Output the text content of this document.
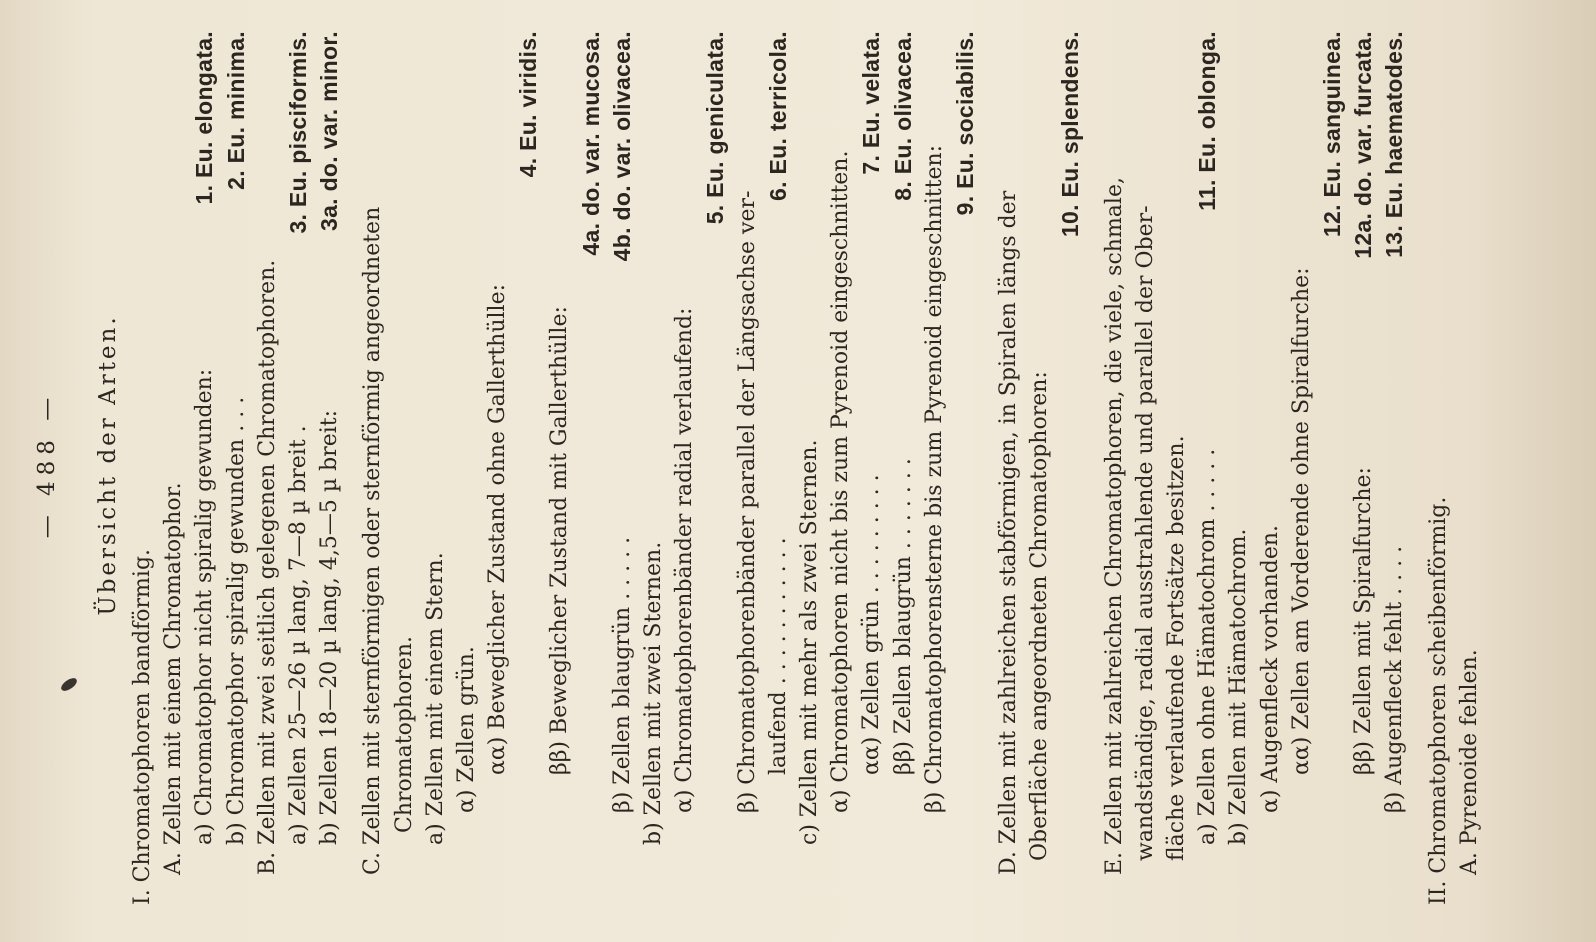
— 488 —	Übersicht der Arten.
I. Chromatophoren bandförmig. A. Zellen mit einem Chromatophor. a) Chromatophor nicht spiralig gewunden:
1. Eu. elongata.
b) Chromatophor spiralig gewunden . . .
2. Eu. minima.
B. Zellen mit zwei seitlich gelegenen Chromatophoren. a) Zellen 25—26 µ lang, 7—8 µ breit .
3. Eu. pisciformis.
b) Zellen 18—20 µ lang, 4,5—5 µ breit:
3a. do. var. minor.
C. Zellen mit sternförmigen oder sternförmig angeordneten Chromatophoren. a) Zellen mit einem Stern. α) Zellen grün. αα) Beweglicher Zustand ohne Gallerthülle:
4. Eu. viridis.
ββ) Beweglicher Zustand mit Gallerthülle:
4a. do. var. mucosa.
β) Zellen blaugrün . . . . .
4b. do. var. olivacea.
b) Zellen mit zwei Sternen. α) Chromatophorenbänder radial verlaufend:
5. Eu. geniculata.
β) Chromatophorenbänder parallel der Längsachse ver- laufend . . . . . . . . . . .
6. Eu. terricola.
c) Zellen mit mehr als zwei Sternen. α) Chromatophoren nicht bis zum Pyrenoid eingeschnitten. αα) Zellen grün . . . . . . . . .
7. Eu. velata.
ββ) Zellen blaugrün . . . . . . .
8. Eu. olivacea.
β) Chromatophorensterne bis zum Pyrenoid eingeschnitten:
9. Eu. sociabilis.
D. Zellen mit zahlreichen stabförmigen, in Spiralen längs der Oberfläche angeordneten Chromatophoren:
10. Eu. splendens.
E. Zellen mit zahlreichen Chromatophoren, die viele, schmale, wandständige, radial ausstrahlende und parallel der Ober- fläche verlaufende Fortsätze besitzen. a) Zellen ohne Hämatochrom . . . . .
11. Eu. oblonga.
b) Zellen mit Hämatochrom. α) Augenfleck vorhanden. αα) Zellen am Vorderende ohne Spiralfurche:
12. Eu. sanguinea.
ββ) Zellen mit Spiralfurche:
12a. do. var. furcata.
β) Augenfleck fehlt . . . .
13. Eu. haematodes.
II. Chromatophoren scheibenförmig. A. Pyrenoide fehlen.
